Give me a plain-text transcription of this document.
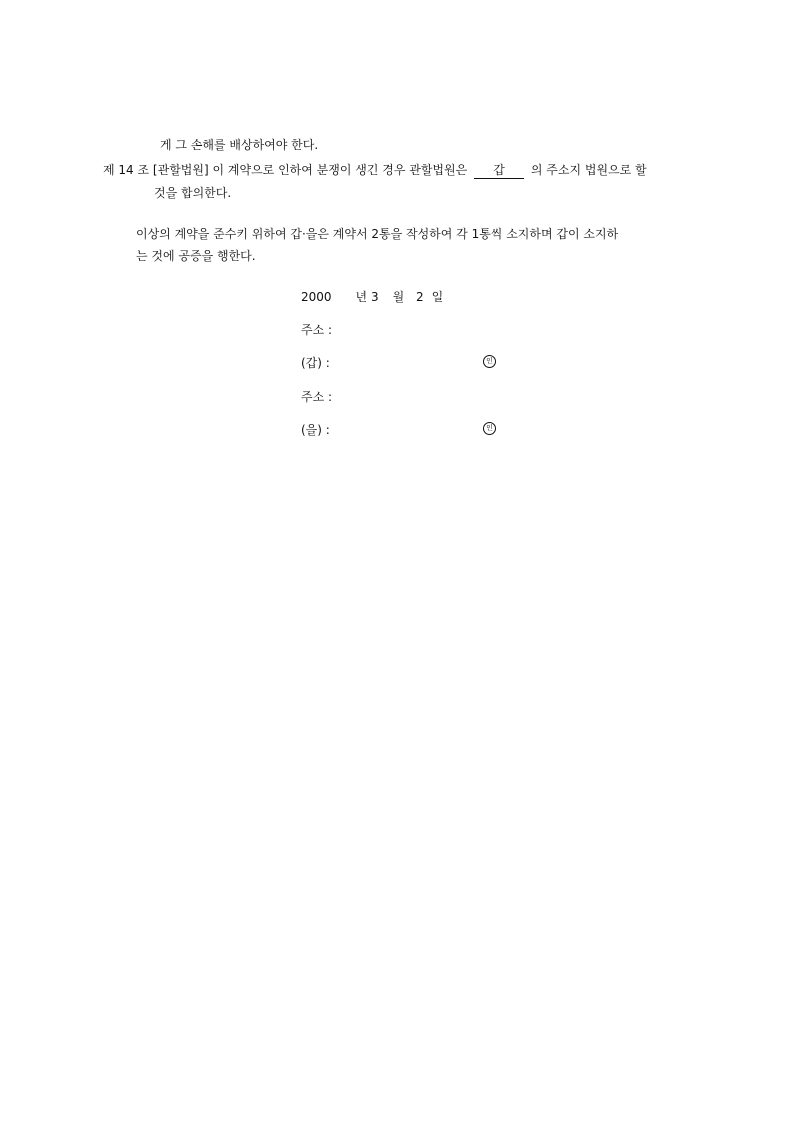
게 그 손해를 배상하여야 한다.
제 14 조 [관할법원] 이 계약으로 인하여 분쟁이 생긴 경우 관할법원은 갑 의 주소지 법원으로 할
것을 합의한다.
이상의 계약을 준수키 위하여 갑·을은 계약서 2통을 작성하여 각 1통씩 소지하며 갑이 소지하
는 것에 공증을 행한다.
2000 년 3 월 2 일
주소 :
(갑) :	인
주소 :
(을) :	인
